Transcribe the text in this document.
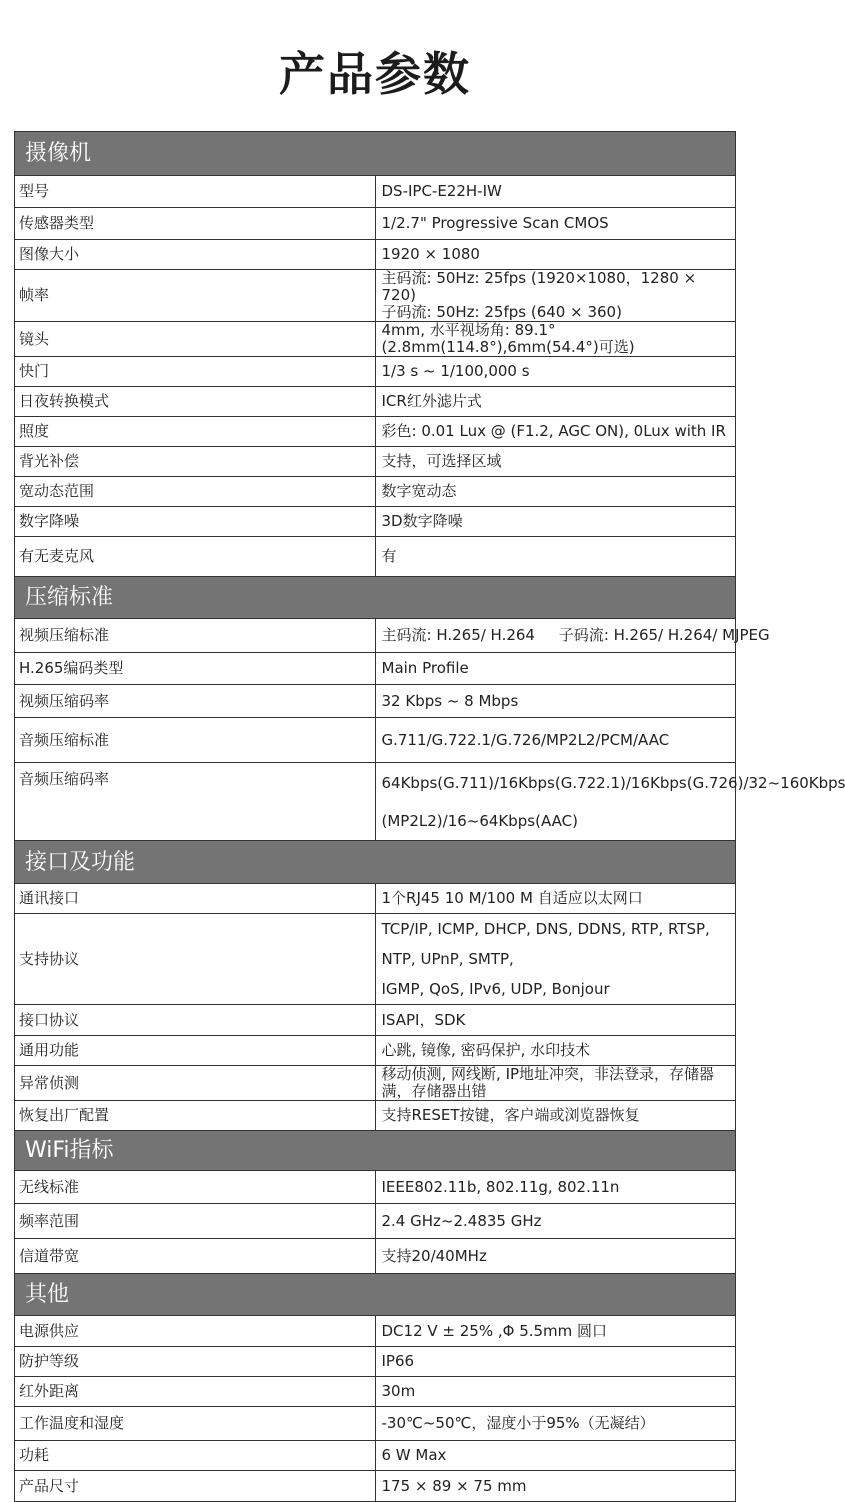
产品参数
摄像机	
型号	DS-IPC-E22H-IW
传感器类型	1/2.7" Progressive Scan CMOS
图像大小	1920 × 1080
帧率	主码流: 50Hz: 25fps (1920×1080，1280 × 720)
子码流: 50Hz: 25fps (640 × 360)

镜头	4mm, 水平视场角: 89.1°(2.8mm(114.8°),6mm(54.4°)可选)
快门	1/3 s ~ 1/100,000 s
日夜转换模式	ICR红外滤片式
照度	彩色: 0.01 Lux @ (F1.2, AGC ON), 0Lux with IR
背光补偿	支持，可选择区域
宽动态范围	数字宽动态
数字降噪	3D数字降噪
有无麦克风	有
压缩标准	
视频压缩标准	主码流: H.265/ H.264     子码流: H.265/ H.264/ MJPEG
H.265编码类型	Main Profile
视频压缩码率	32 Kbps ~ 8 Mbps
音频压缩标准	G.711/G.722.1/G.726/MP2L2/PCM/AAC
音频压缩码率	64Kbps(G.711)/16Kbps(G.722.1)/16Kbps(G.726)/32~160Kbps
(MP2L2)/16~64Kbps(AAC)

接口及功能	
通讯接口	1个RJ45 10 M/100 M 自适应以太网口
支持协议	TCP/IP, ICMP, DHCP, DNS, DDNS, RTP, RTSP, NTP, UPnP, SMTP,
IGMP, QoS, IPv6, UDP, Bonjour

接口协议	ISAPI，SDK
通用功能	心跳, 镜像, 密码保护, 水印技术
异常侦测	移动侦测, 网线断, IP地址冲突，非法登录，存储器满，存储器出错
恢复出厂配置	支持RESET按键，客户端或浏览器恢复
WiFi指标	
无线标准	IEEE802.11b, 802.11g, 802.11n
频率范围	2.4 GHz~2.4835 GHz
信道带宽	支持20/40MHz
其他	
电源供应	DC12 V ± 25% ,Φ 5.5mm 圆口
防护等级	IP66
红外距离	30m
工作温度和湿度	-30℃~50℃，湿度小于95%（无凝结）
功耗	6 W Max
产品尺寸	175 × 89 × 75 mm
